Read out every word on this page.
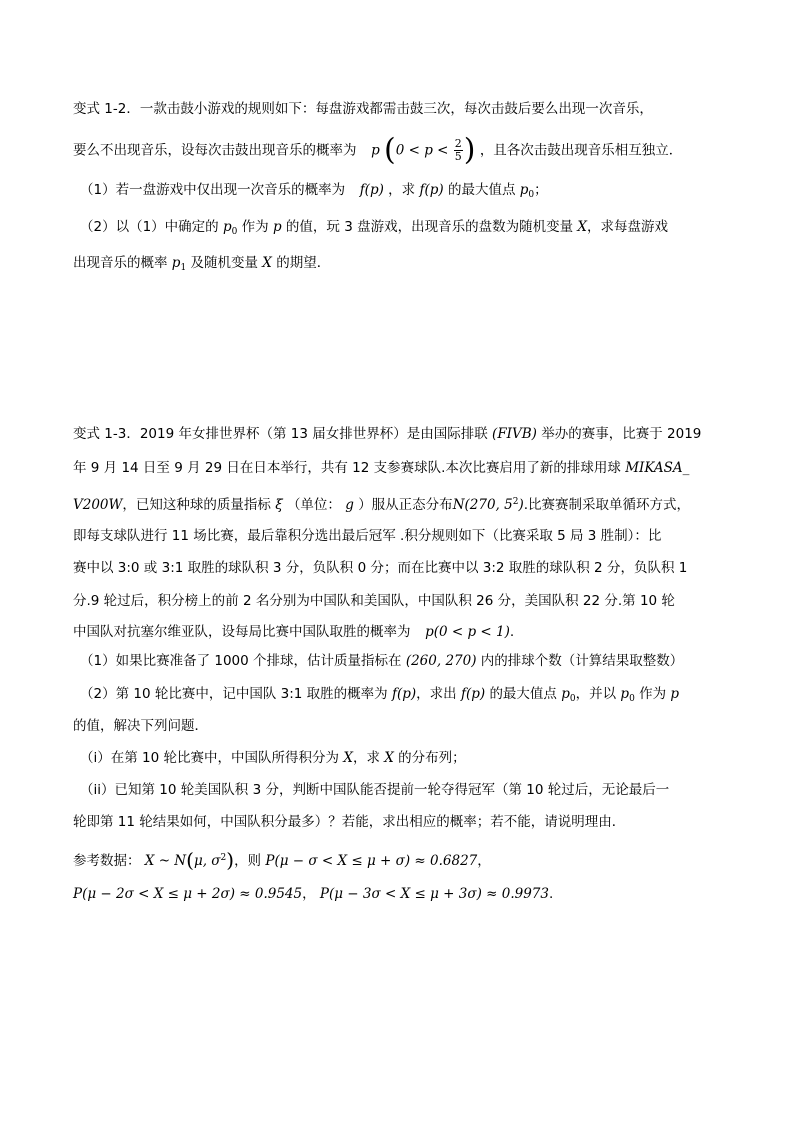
变式 1-2．一款击鼓小游戏的规则如下：每盘游戏都需击鼓三次，每次击鼓后要么出现一次音乐，
要么不出现音乐，设每次击鼓出现音乐的概率为 p ($0 < p < \frac{2}{5}$ ) ，且各次击鼓出现音乐相互独立．
（1）若一盘游戏中仅出现一次音乐的概率为 f(p) ，求 f(p) 的最大值点 $p_0$；
（2）以（1）中确定的 $p_0$ 作为 p 的值，玩 3 盘游戏，出现音乐的盘数为随机变量 X，求每盘游戏
出现音乐的概率 $p_1$ 及随机变量 X 的期望．
变式 1-3．2019 年女排世界杯（第 13 届女排世界杯）是由国际排联 (FIVB) 举办的赛事，比赛于 2019
年 9 月 14 日至 9 月 29 日在日本举行，共有 12 支参赛球队.本次比赛启用了新的排球用球 MIKASA_
V200W，已知这种球的质量指标 ξ （单位： g ）服从正态分布N(270, $5^2$).比赛赛制采取单循环方式，
即每支球队进行 11 场比赛，最后靠积分选出最后冠军 .积分规则如下（比赛采取 5 局 3 胜制）：比
赛中以 3:0 或 3:1 取胜的球队积 3 分，负队积 0 分；而在比赛中以 3:2 取胜的球队积 2 分，负队积 1
分.9 轮过后，积分榜上的前 2 名分别为中国队和美国队，中国队积 26 分，美国队积 22 分.第 10 轮
中国队对抗塞尔维亚队，设每局比赛中国队取胜的概率为 p(0 < p < 1).
（1）如果比赛准备了 1000 个排球，估计质量指标在 (260, 270) 内的排球个数（计算结果取整数）
（2）第 10 轮比赛中，记中国队 3:1 取胜的概率为 f(p)，求出 f(p) 的最大值点 $p_0$，并以 $p_0$ 作为 p
的值，解决下列问题．
（i）在第 10 轮比赛中，中国队所得积分为 X，求 X 的分布列；
（ii）已知第 10 轮美国队积 3 分，判断中国队能否提前一轮夺得冠军（第 10 轮过后，无论最后一
轮即第 11 轮结果如何，中国队积分最多）？若能，求出相应的概率；若不能，请说明理由．
参考数据： X ~ N(μ, $\sigma^2$)，则 P(μ − σ < X ≤ μ + σ) ≈ 0.6827，
P(μ − 2σ < X ≤ μ + 2σ) ≈ 0.9545， P(μ − 3σ < X ≤ μ + 3σ) ≈ 0.9973.
